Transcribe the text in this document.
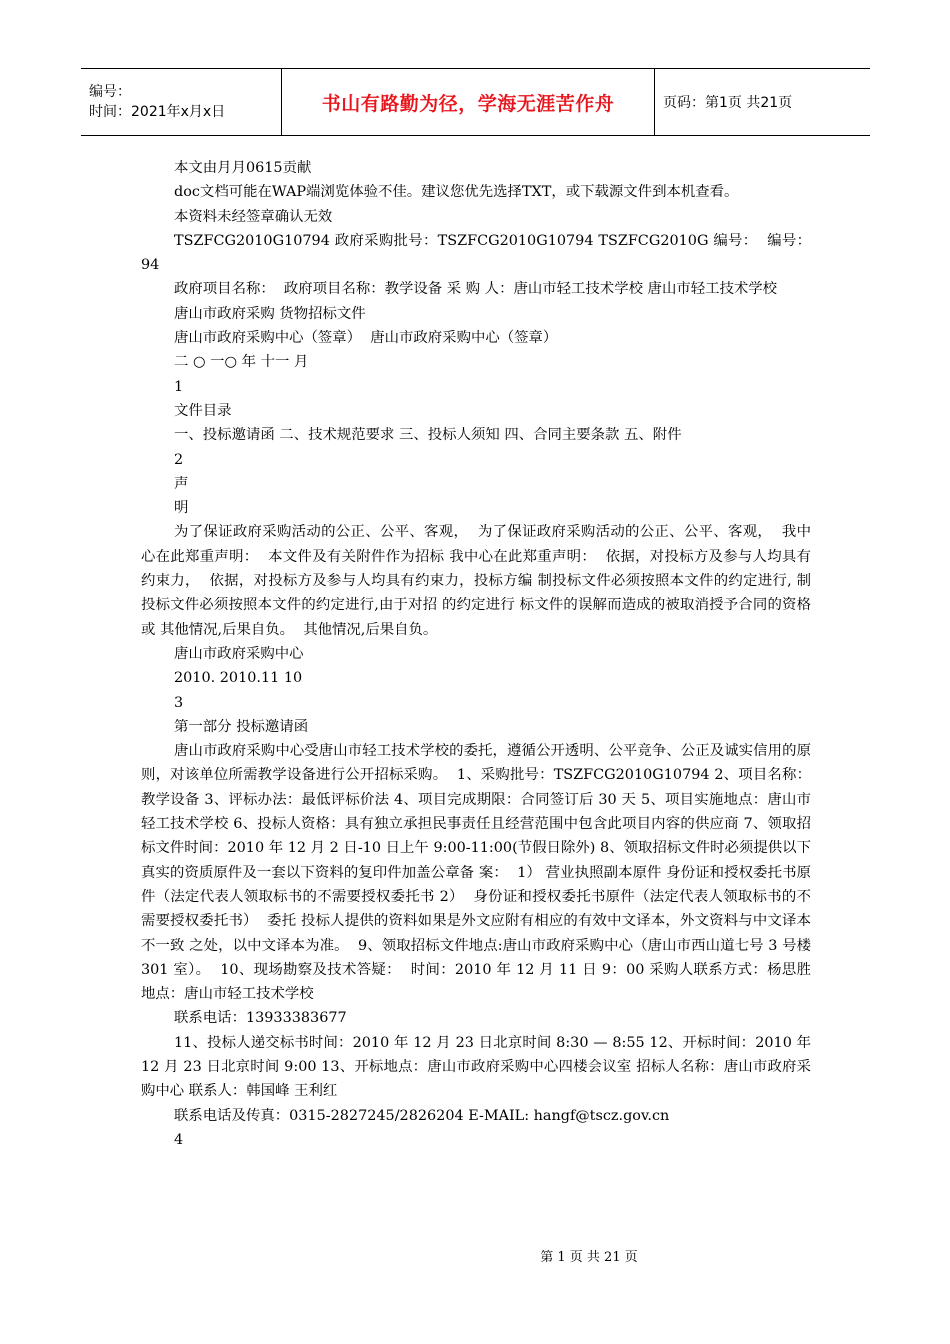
编号：
时间：2021年x月x日	书山有路勤为径，学海无涯苦作舟	页码：第1页 共21页

本文由月月0615贡献

doc文档可能在WAP端浏览体验不佳。建议您优先选择TXT，或下载源文件到本机查看。

本资料未经签章确认无效

TSZFCG2010G10794 政府采购批号：TSZFCG2010G10794 TSZFCG2010G 编号：  编号：94

政府项目名称：  政府项目名称：教学设备 采 购 人：唐山市轻工技术学校 唐山市轻工技术学校

唐山市政府采购 货物招标文件

唐山市政府采购中心（签章）  唐山市政府采购中心（签章）

二 ○ 一○ 年 十一 月

1

文件目录

一、投标邀请函 二、技术规范要求 三、投标人须知 四、合同主要条款 五、附件

2

声

明

为了保证政府采购活动的公正、公平、客观，  为了保证政府采购活动的公正、公平、客观，  我中心在此郑重声明：  本文件及有关附件作为招标 我中心在此郑重声明：  依据，对投标方及参与人均具有约束力，  依据，对投标方及参与人均具有约束力，投标方编 制投标文件必须按照本文件的约定进行, 制投标文件必须按照本文件的约定进行,由于对招 的约定进行 标文件的误解而造成的被取消授予合同的资格或 其他情况,后果自负。  其他情况,后果自负。

唐山市政府采购中心

2010. 2010.11 10

3

第一部分 投标邀请函

唐山市政府采购中心受唐山市轻工技术学校的委托，遵循公开透明、公平竞争、公正及诚实信用的原则，对该单位所需教学设备进行公开招标采购。  1、采购批号：TSZFCG2010G10794 2、项目名称：教学设备 3、评标办法：最低评标价法 4、项目完成期限：合同签订后 30 天 5、项目实施地点：唐山市轻工技术学校 6、投标人资格：具有独立承担民事责任且经营范围中包含此项目内容的供应商 7、领取招标文件时间：2010 年 12 月 2 日-10 日上午 9:00-11:00(节假日除外) 8、领取招标文件时必须提供以下真实的资质原件及一套以下资料的复印件加盖公章备 案：  1） 营业执照副本原件 身份证和授权委托书原件（法定代表人领取标书的不需要授权委托书 2）  身份证和授权委托书原件（法定代表人领取标书的不需要授权委托书）  委托 投标人提供的资料如果是外文应附有相应的有效中文译本，外文资料与中文译本不一致 之处，以中文译本为准。  9、领取招标文件地点:唐山市政府采购中心（唐山市西山道七号 3 号楼 301 室）。  10、现场勘察及技术答疑：  时间：2010 年 12 月 11 日 9：00 采购人联系方式：杨思胜 地点：唐山市轻工技术学校

联系电话：13933383677

11、投标人递交标书时间：2010 年 12 月 23 日北京时间 8:30 — 8:55 12、开标时间：2010 年 12 月 23 日北京时间 9:00 13、开标地点：唐山市政府采购中心四楼会议室 招标人名称：唐山市政府采购中心 联系人：韩国峰 王利红

联系电话及传真：0315-2827245/2826204 E-MAIL: hangf@tscz.gov.cn

4

第 1 页 共 21 页
